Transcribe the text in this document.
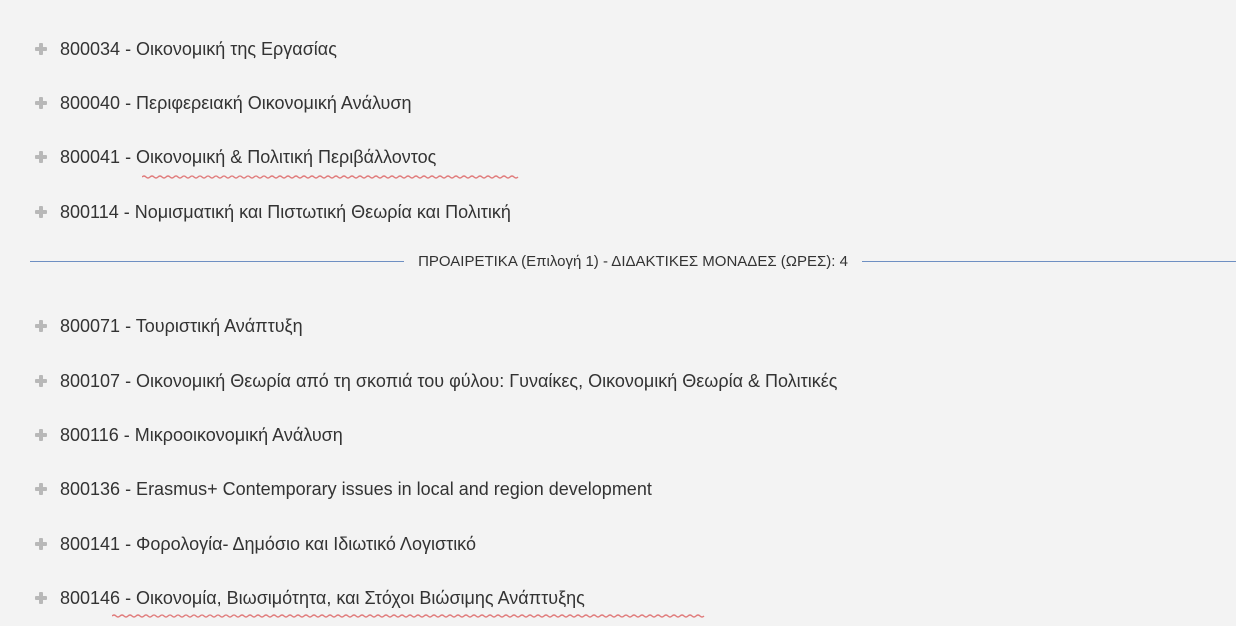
800034 - Οικονομική της Εργασίας
800040 - Περιφερειακή Οικονομική Ανάλυση
800041 - Οικονομική & Πολιτική Περιβάλλοντος
800114 - Νομισματική και Πιστωτική Θεωρία και Πολιτική
ΠΡΟΑΙΡΕΤΙΚΑ (Επιλογή 1) - ΔΙΔΑΚΤΙΚΕΣ ΜΟΝΑΔΕΣ (ΩΡΕΣ): 4
800071 - Τουριστική Ανάπτυξη
800107 - Οικονομική Θεωρία από τη σκοπιά του φύλου: Γυναίκες, Οικονομική Θεωρία & Πολιτικές
800116 - Μικροοικονομική Ανάλυση
800136 - Erasmus+ Contemporary issues in local and region development
800141 - Φορολογία- Δημόσιο και Ιδιωτικό Λογιστικό
800146 - Οικονομία, Βιωσιμότητα, και Στόχοι Βιώσιμης Ανάπτυξης
